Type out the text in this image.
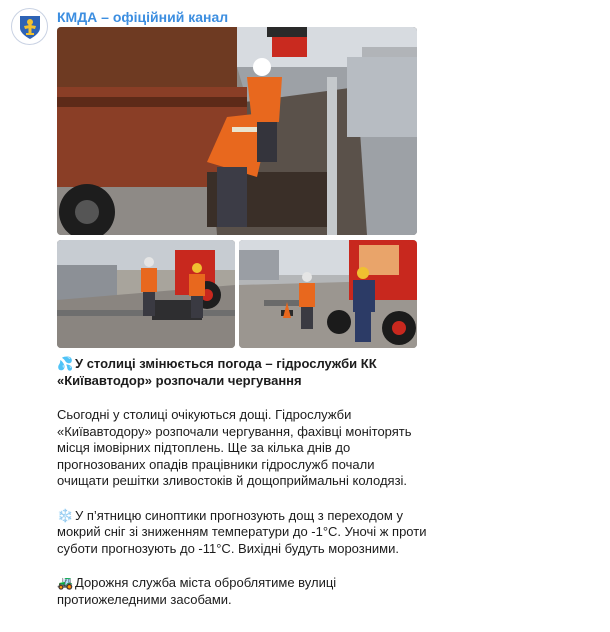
КМДА – офіційний канал

💦 У столиці змінюється погода – гідрослужби КК «Київавтодор» розпочали чергування

Сьогодні у столиці очікуються дощі. Гідрослужби «Київавтодору» розпочали чергування, фахівці моніторять місця імовірних підтоплень. Ще за кілька днів до прогнозованих опадів працівники гідрослужб почали очищати решітки зливостоків й дощоприймальні колодязі.

❄️ У п’ятницю синоптики прогнозують дощ з переходом у мокрий сніг зі зниженням температури до -1°С. Уночі ж проти суботи прогнозують до -11°С. Вихідні будуть морозними.

🚜 Дорожня служба міста оброблятиме вулиці протиожеледними засобами.
